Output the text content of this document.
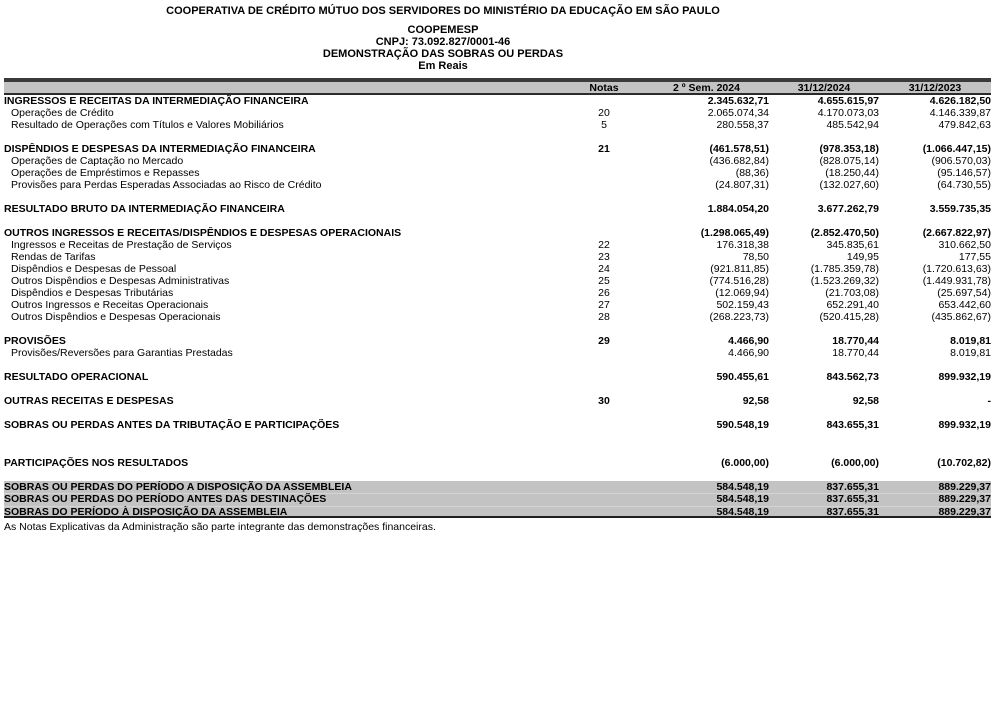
COOPERATIVA DE CRÉDITO MÚTUO DOS SERVIDORES DO MINISTÉRIO DA EDUCAÇÃO EM SÃO PAULO
COOPEMESP
CNPJ: 73.092.827/0001-46
DEMONSTRAÇÃO DAS SOBRAS OU PERDAS
Em Reais
Notas	2 º Sem. 2024	31/12/2024	31/12/2023
INGRESSOS E RECEITAS DA INTERMEDIAÇÃO FINANCEIRA	2.345.632,71	4.655.615,97	4.626.182,50
Operações de Crédito	20	2.065.074,34	4.170.073,03	4.146.339,87
Resultado de Operações com Títulos e Valores Mobiliários	5	280.558,37	485.542,94	479.842,63
DISPÊNDIOS E DESPESAS DA INTERMEDIAÇÃO FINANCEIRA	21	(461.578,51)	(978.353,18)	(1.066.447,15)
Operações de Captação no Mercado	(436.682,84)	(828.075,14)	(906.570,03)
Operações de Empréstimos e Repasses	(88,36)	(18.250,44)	(95.146,57)
Provisões para Perdas Esperadas Associadas ao Risco de Crédito	(24.807,31)	(132.027,60)	(64.730,55)
RESULTADO BRUTO DA INTERMEDIAÇÃO FINANCEIRA	1.884.054,20	3.677.262,79	3.559.735,35
OUTROS INGRESSOS E RECEITAS/DISPÊNDIOS E DESPESAS OPERACIONAIS	(1.298.065,49)	(2.852.470,50)	(2.667.822,97)
Ingressos e Receitas de Prestação de Serviços	22	176.318,38	345.835,61	310.662,50
Rendas de Tarifas	23	78,50	149,95	177,55
Dispêndios e Despesas de Pessoal	24	(921.811,85)	(1.785.359,78)	(1.720.613,63)
Outros Dispêndios e Despesas Administrativas	25	(774.516,28)	(1.523.269,32)	(1.449.931,78)
Dispêndios e Despesas Tributárias	26	(12.069,94)	(21.703,08)	(25.697,54)
Outros Ingressos e Receitas Operacionais	27	502.159,43	652.291,40	653.442,60
Outros Dispêndios e Despesas Operacionais	28	(268.223,73)	(520.415,28)	(435.862,67)
PROVISÕES	29	4.466,90	18.770,44	8.019,81
Provisões/Reversões para Garantias Prestadas	4.466,90	18.770,44	8.019,81
RESULTADO OPERACIONAL	590.455,61	843.562,73	899.932,19
OUTRAS RECEITAS E DESPESAS	30	92,58	92,58	-
SOBRAS OU PERDAS ANTES DA TRIBUTAÇÃO E PARTICIPAÇÕES	590.548,19	843.655,31	899.932,19
PARTICIPAÇÕES NOS RESULTADOS	(6.000,00)	(6.000,00)	(10.702,82)
SOBRAS OU PERDAS DO PERÍODO A DISPOSIÇÃO DA ASSEMBLEIA	584.548,19	837.655,31	889.229,37
SOBRAS OU PERDAS DO PERÍODO ANTES DAS DESTINAÇÕES	584.548,19	837.655,31	889.229,37
SOBRAS DO PERÍODO À DISPOSIÇÃO DA ASSEMBLEIA	584.548,19	837.655,31	889.229,37
As Notas Explicativas da Administração são parte integrante das demonstrações financeiras.
